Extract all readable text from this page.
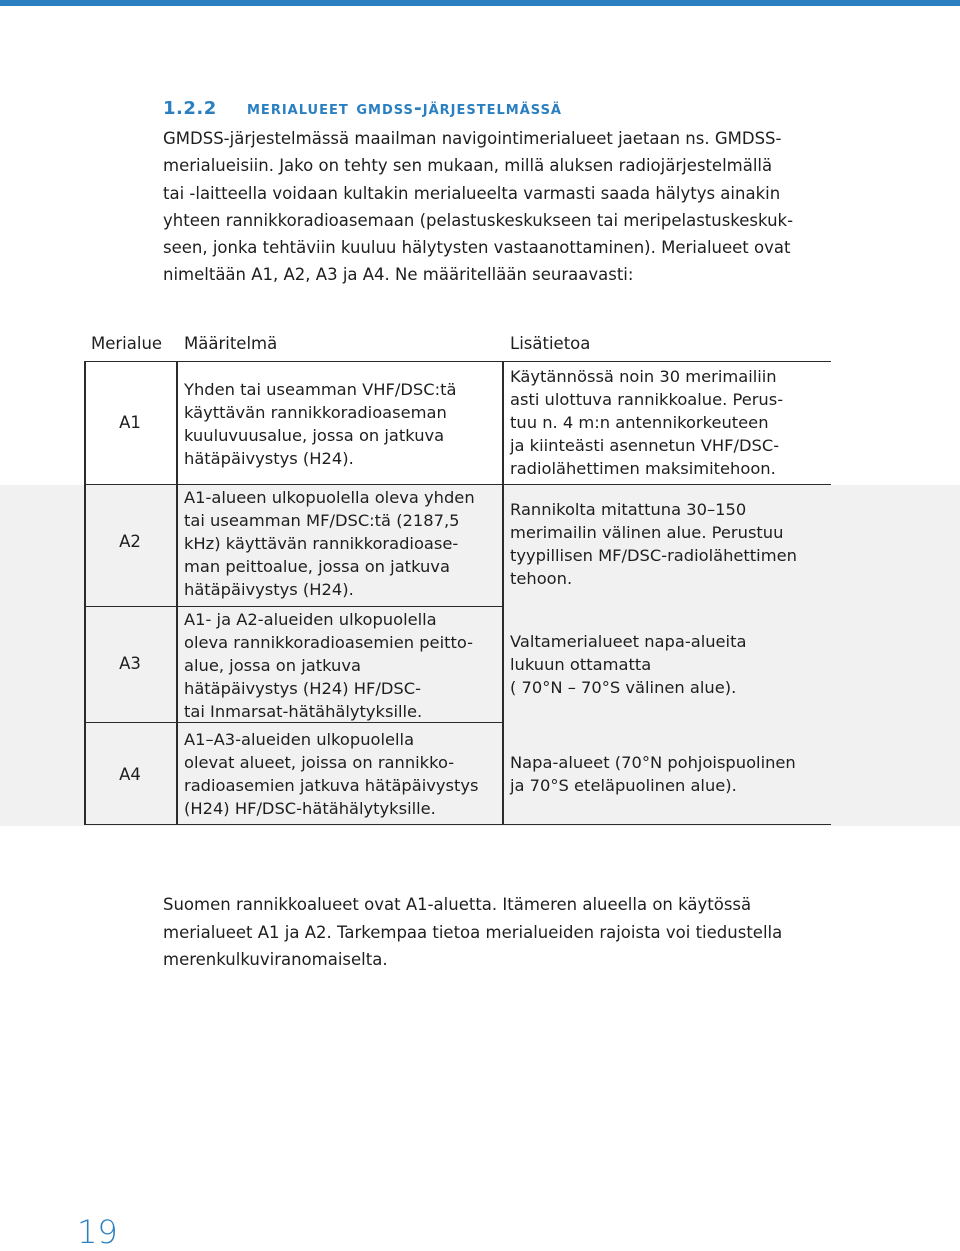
1.2.2 merialueet gmdss-järjestelmässä
GMDSS-järjestelmässä maailman navigointimerialueet jaetaan ns. GMDSS-
merialueisiin. Jako on tehty sen mukaan, millä aluksen radiojärjestelmällä
tai -laitteella voidaan kultakin merialueelta varmasti saada hälytys ainakin
yhteen rannikkoradioasemaan (pelastuskeskukseen tai meripelastuskeskuk-
seen, jonka tehtäviin kuuluu hälytysten vastaanottaminen). Merialueet ovat
nimeltään A1, A2, A3 ja A4. Ne määritellään seuraavasti:
Merialue Määritelmä	Lisätietoa
A1
Yhden tai useamman VHF/DSC:tä
käyttävän rannikkoradioaseman
kuuluvuusalue, jossa on jatkuva
hätäpäivystys (H24).
Käytännössä noin 30 merimailiin
asti ulottuva rannikkoalue. Perus-
tuu n. 4 m:n antennikorkeuteen
ja kiinteästi asennetun VHF/DSC-
radiolähettimen maksimitehoon.
A2
A1-alueen ulkopuolella oleva yhden
tai useamman MF/DSC:tä (2187,5
kHz) käyttävän rannikkoradioase-
man peittoalue, jossa on jatkuva
hätäpäivystys (H24).
Rannikolta mitattuna 30–150
merimailin välinen alue. Perustuu
tyypillisen MF/DSC-radiolähettimen
tehoon.
A3
A1- ja A2-alueiden ulkopuolella
oleva rannikkoradioasemien peitto-
alue, jossa on jatkuva
hätäpäivystys (H24) HF/DSC-
tai Inmarsat-hätähälytyksille.
Valtamerialueet napa-alueita
lukuun ottamatta
( 70°N – 70°S välinen alue).
A4
A1–A3-alueiden ulkopuolella
olevat alueet, joissa on rannikko-
radioasemien jatkuva hätäpäivystys
(H24) HF/DSC-hätähälytyksille.
Napa-alueet (70°N pohjoispuolinen
ja 70°S eteläpuolinen alue).
Suomen rannikkoalueet ovat A1-aluetta. Itämeren alueella on käytössä
merialueet A1 ja A2. Tarkempaa tietoa merialueiden rajoista voi tiedustella
merenkulkuviranomaiselta.
19
